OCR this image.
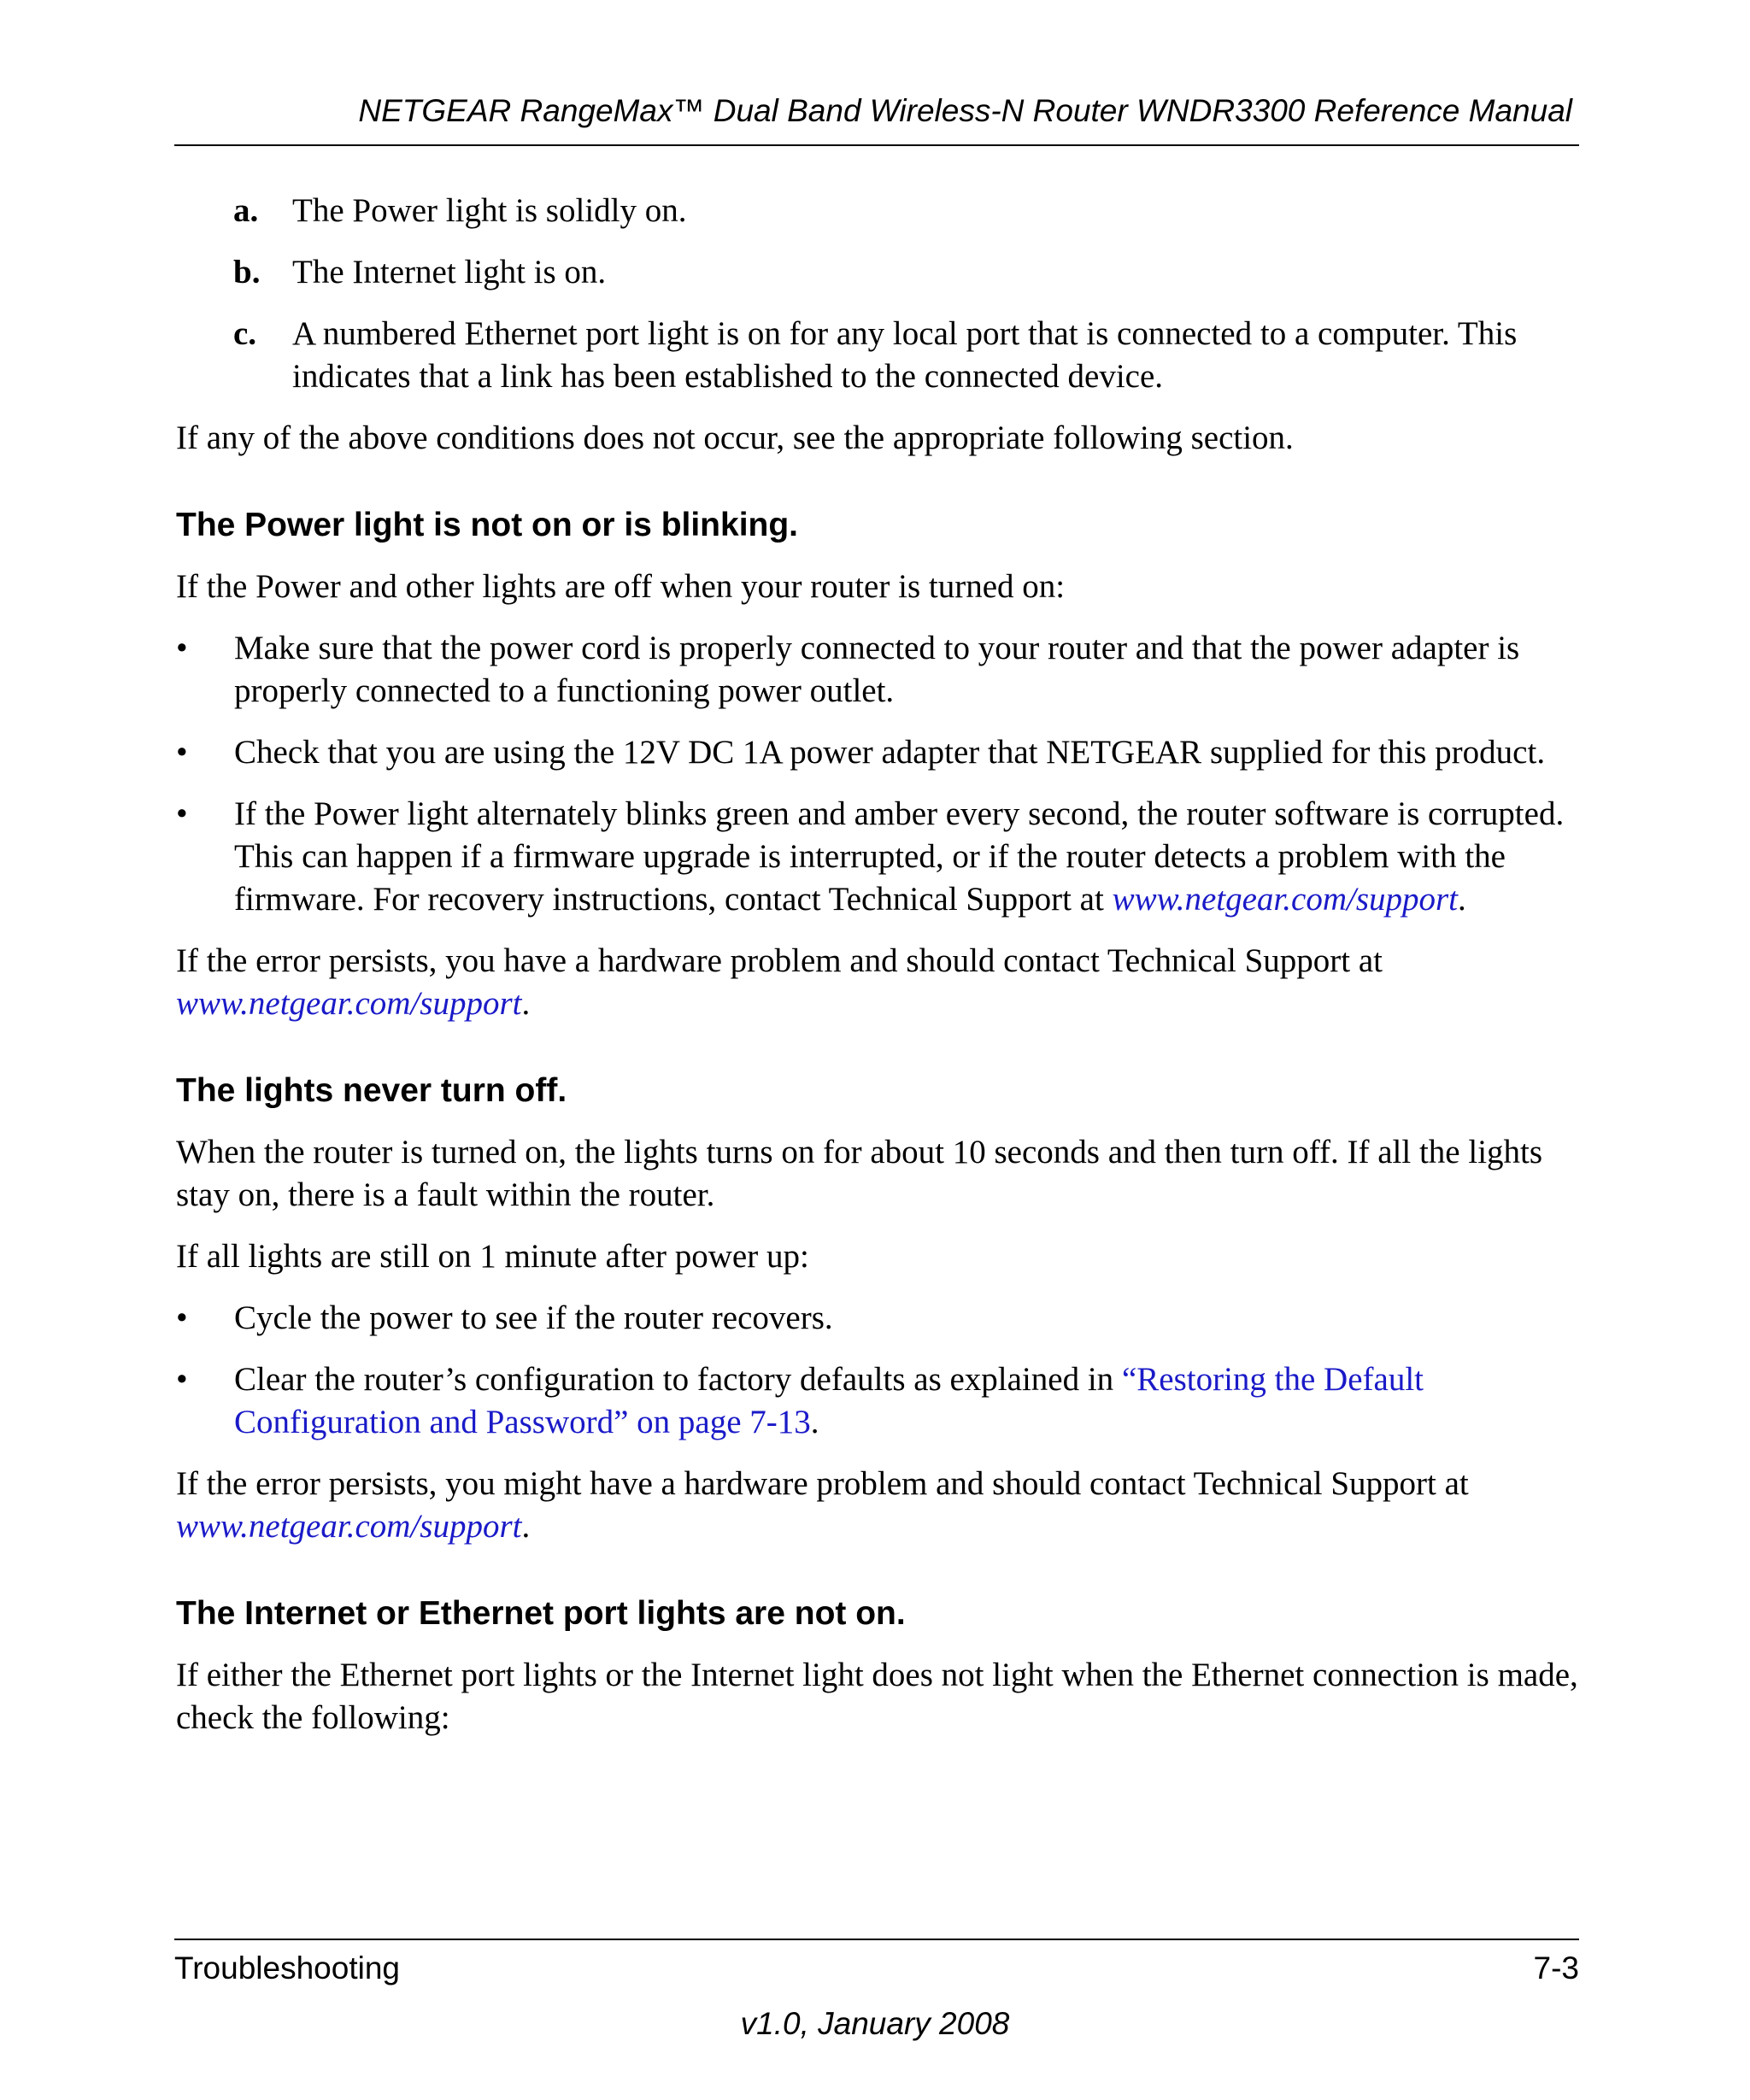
NETGEAR RangeMax™ Dual Band Wireless-N Router WNDR3300 Reference Manual
a. The Power light is solidly on.
b. The Internet light is on.
c. A numbered Ethernet port light is on for any local port that is connected to a computer. This indicates that a link has been established to the connected device.

If any of the above conditions does not occur, see the appropriate following section.

The Power light is not on or is blinking.

If the Power and other lights are off when your router is turned on:

• Make sure that the power cord is properly connected to your router and that the power adapter is properly connected to a functioning power outlet.
• Check that you are using the 12V DC 1A power adapter that NETGEAR supplied for this product.
• If the Power light alternately blinks green and amber every second, the router software is corrupted. This can happen if a firmware upgrade is interrupted, or if the router detects a problem with the firmware. For recovery instructions, contact Technical Support at www.netgear.com/support.

If the error persists, you have a hardware problem and should contact Technical Support at www.netgear.com/support.

The lights never turn off.

When the router is turned on, the lights turns on for about 10 seconds and then turn off. If all the lights stay on, there is a fault within the router.

If all lights are still on 1 minute after power up:

• Cycle the power to see if the router recovers.
• Clear the router’s configuration to factory defaults as explained in “Restoring the Default Configuration and Password” on page 7-13.

If the error persists, you might have a hardware problem and should contact Technical Support at www.netgear.com/support.

The Internet or Ethernet port lights are not on.

If either the Ethernet port lights or the Internet light does not light when the Ethernet connection is made, check the following:

Troubleshooting	7-3
v1.0, January 2008
